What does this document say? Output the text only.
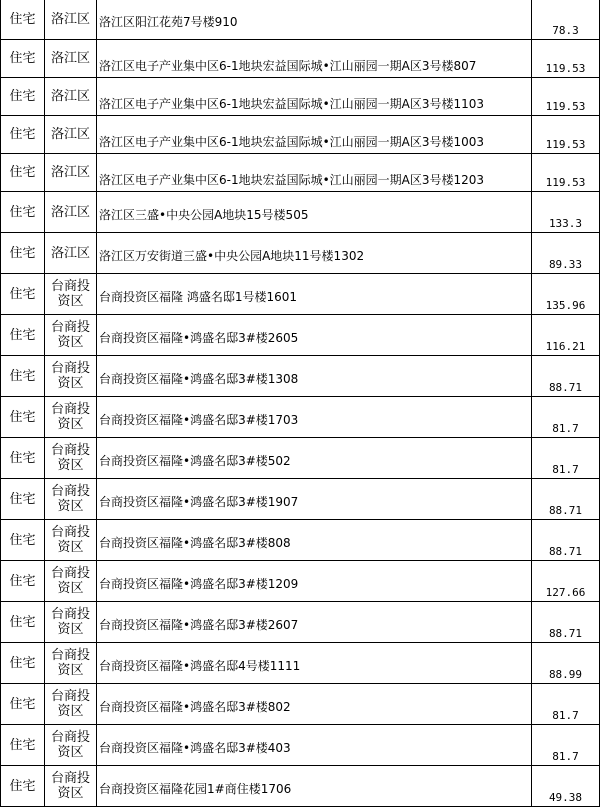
住宅	洛江区	洛江区阳江花苑7号楼910	78.3
住宅	洛江区	洛江区电子产业集中区6-1地块宏益国际城•江山丽园一期A区3号楼807	119.53
住宅	洛江区	洛江区电子产业集中区6-1地块宏益国际城•江山丽园一期A区3号楼1103	119.53
住宅	洛江区	洛江区电子产业集中区6-1地块宏益国际城•江山丽园一期A区3号楼1003	119.53
住宅	洛江区	洛江区电子产业集中区6-1地块宏益国际城•江山丽园一期A区3号楼1203	119.53
住宅	洛江区	洛江区三盛•中央公园A地块15号楼505	133.3
住宅	洛江区	洛江区万安街道三盛•中央公园A地块11号楼1302	89.33
住宅	台商投资区	台商投资区福隆 鸿盛名邸1号楼1601	135.96
住宅	台商投资区	台商投资区福隆•鸿盛名邸3#楼2605	116.21
住宅	台商投资区	台商投资区福隆•鸿盛名邸3#楼1308	88.71
住宅	台商投资区	台商投资区福隆•鸿盛名邸3#楼1703	81.7
住宅	台商投资区	台商投资区福隆•鸿盛名邸3#楼502	81.7
住宅	台商投资区	台商投资区福隆•鸿盛名邸3#楼1907	88.71
住宅	台商投资区	台商投资区福隆•鸿盛名邸3#楼808	88.71
住宅	台商投资区	台商投资区福隆•鸿盛名邸3#楼1209	127.66
住宅	台商投资区	台商投资区福隆•鸿盛名邸3#楼2607	88.71
住宅	台商投资区	台商投资区福隆•鸿盛名邸4号楼1111	88.99
住宅	台商投资区	台商投资区福隆•鸿盛名邸3#楼802	81.7
住宅	台商投资区	台商投资区福隆•鸿盛名邸3#楼403	81.7
住宅	台商投资区	台商投资区福隆花园1#商住楼1706	49.38
